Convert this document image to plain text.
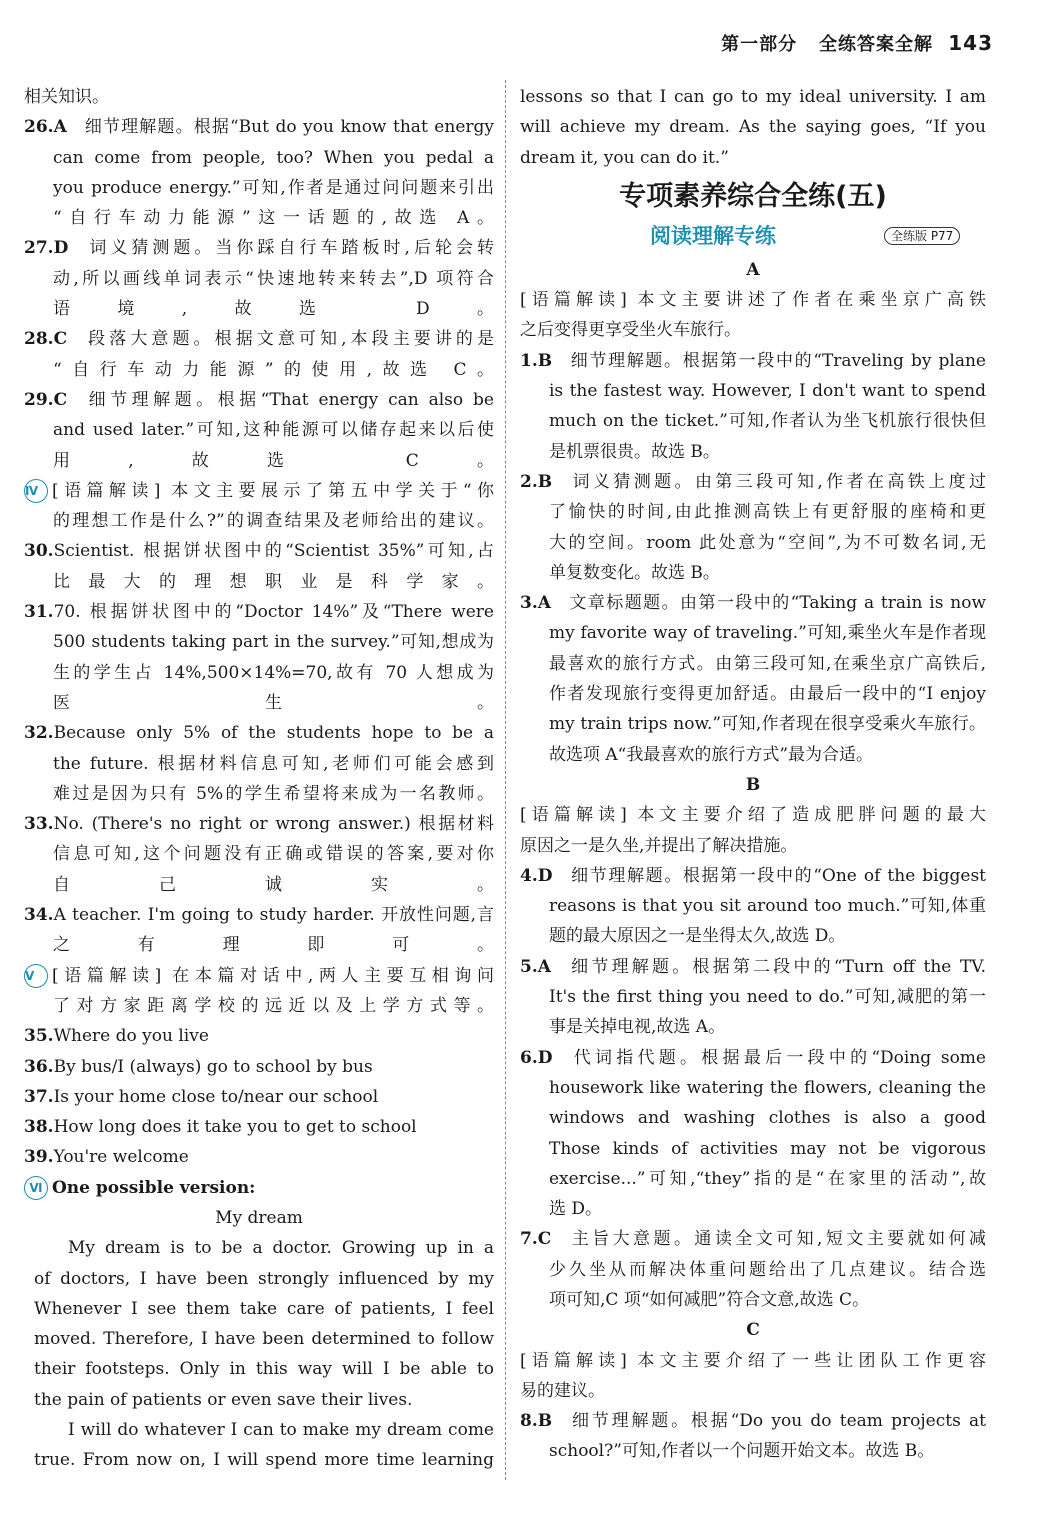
第一部分 全练答案全解 143
相关知识。
26.A 细节理解题。根据“But do you know that energy
can come from people, too? When you pedal a
you produce energy.”可知,作者是通过问问题来引出
“自行车动力能源”这一话题的,故选 A。
27.D 词义猜测题。当你踩自行车踏板时,后轮会转
动,所以画线单词表示“快速地转来转去”,D 项符合
语境,故选 D。
28.C 段落大意题。根据文意可知,本段主要讲的是
“自行车动力能源”的使用,故选 C。
29.C 细节理解题。根据“That energy can also be
and used later.”可知,这种能源可以储存起来以后使
用,故选 C。
Ⅳ [语篇解读] 本文主要展示了第五中学关于“你
的理想工作是什么?”的调查结果及老师给出的建议。
30.Scientist. 根据饼状图中的“Scientist 35%”可知,占
比最大的理想职业是科学家。
31.70. 根据饼状图中的“Doctor 14%”及“There were
500 students taking part in the survey.”可知,想成为
生的学生占 14%,500×14%=70,故有 70 人想成为
医生。
32.Because only 5% of the students hope to be a
the future. 根据材料信息可知,老师们可能会感到
难过是因为只有 5%的学生希望将来成为一名教师。
33.No. (There's no right or wrong answer.) 根据材料
信息可知,这个问题没有正确或错误的答案,要对你
自己诚实。
34.A teacher. I'm going to study harder. 开放性问题,言
之有理即可。
Ⅴ [语篇解读] 在本篇对话中,两人主要互相询问
了对方家距离学校的远近以及上学方式等。
35.Where do you live
36.By bus/I (always) go to school by bus
37.Is your home close to/near our school
38.How long does it take you to get to school
39.You're welcome
Ⅵ One possible version:
My dream
My dream is to be a doctor. Growing up in a
of doctors, I have been strongly influenced by my
Whenever I see them take care of patients, I feel
moved. Therefore, I have been determined to follow
their footsteps. Only in this way will I be able to
the pain of patients or even save their lives.
I will do whatever I can to make my dream come
true. From now on, I will spend more time learning
lessons so that I can go to my ideal university. I am
will achieve my dream. As the saying goes, “If you
dream it, you can do it.”
专项素养综合全练(五)
阅读理解专练	全练版 P77
A
[语篇解读] 本文主要讲述了作者在乘坐京广高铁
之后变得更享受坐火车旅行。
1.B 细节理解题。根据第一段中的“Traveling by plane
is the fastest way. However, I don't want to spend
much on the ticket.”可知,作者认为坐飞机旅行很快但
是机票很贵。故选 B。
2.B 词义猜测题。由第三段可知,作者在高铁上度过
了愉快的时间,由此推测高铁上有更舒服的座椅和更
大的空间。room 此处意为“空间”,为不可数名词,无
单复数变化。故选 B。
3.A 文章标题题。由第一段中的“Taking a train is now
my favorite way of traveling.”可知,乘坐火车是作者现
最喜欢的旅行方式。由第三段可知,在乘坐京广高铁后,
作者发现旅行变得更加舒适。由最后一段中的“I enjoy
my train trips now.”可知,作者现在很享受乘火车旅行。
故选项 A“我最喜欢的旅行方式”最为合适。
B
[语篇解读] 本文主要介绍了造成肥胖问题的最大
原因之一是久坐,并提出了解决措施。
4.D 细节理解题。根据第一段中的“One of the biggest
reasons is that you sit around too much.”可知,体重
题的最大原因之一是坐得太久,故选 D。
5.A 细节理解题。根据第二段中的“Turn off the TV.
It's the first thing you need to do.”可知,减肥的第一
事是关掉电视,故选 A。
6.D 代词指代题。根据最后一段中的“Doing some
housework like watering the flowers, cleaning the
windows and washing clothes is also a good
Those kinds of activities may not be vigorous
exercise...”可知,“they”指的是“在家里的活动”,故
选 D。
7.C 主旨大意题。通读全文可知,短文主要就如何减
少久坐从而解决体重问题给出了几点建议。结合选
项可知,C 项“如何减肥”符合文意,故选 C。
C
[语篇解读] 本文主要介绍了一些让团队工作更容
易的建议。
8.B 细节理解题。根据“Do you do team projects at
school?”可知,作者以一个问题开始文本。故选 B。
